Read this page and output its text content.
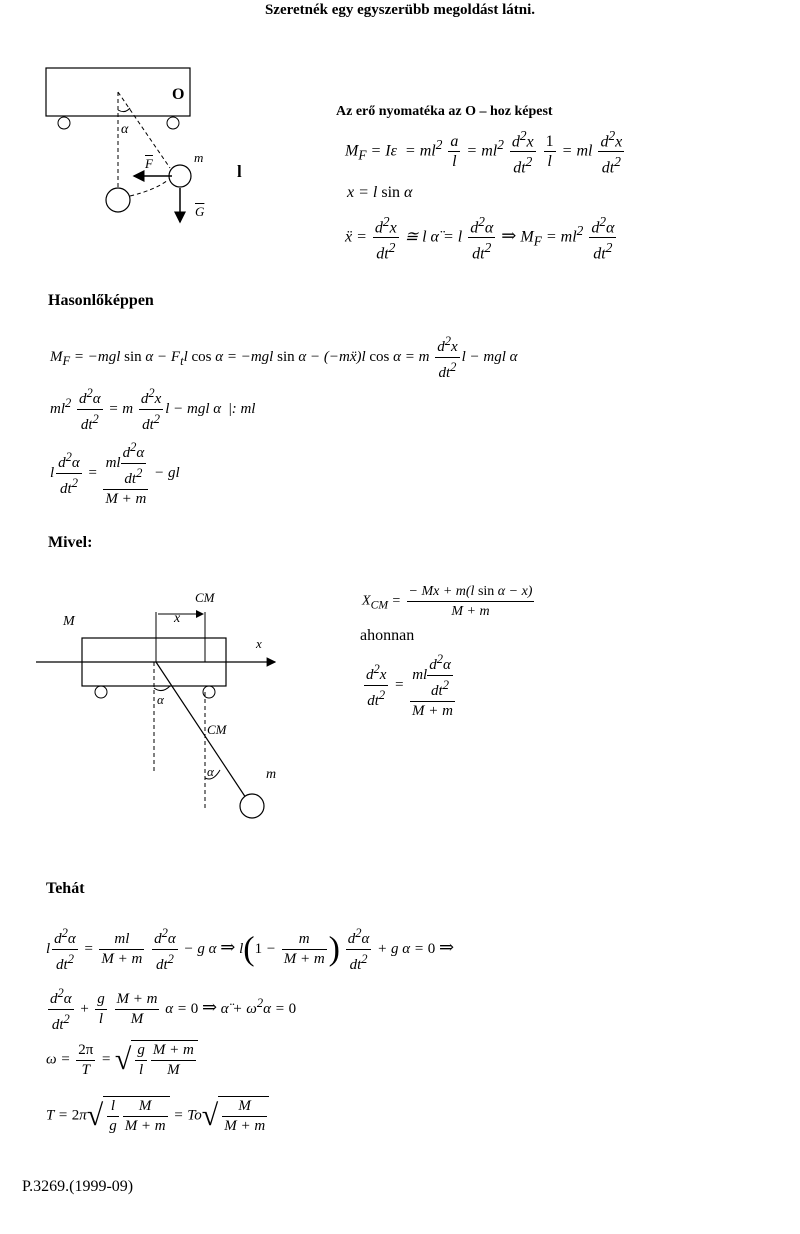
Szeretnék egy egyszerübb megoldást látni.
O
l
m
α
$\overline{F}$
$\overline{G}$
Az erő nyomatéka az O – hoz képest
$M_F = I\varepsilon = ml^2 \frac{a}{l} = ml^2 \frac{d^2x}{dt^2}$
$\frac{1}{l}$ = ml $\frac{d^2x}{dt^2}$
x = l sin α
ẍ = $\frac{d^2x}{dt^2}$ ≅ l α̈ = l $\frac{d^2\alpha}{dt^2}$ ⇒ $M_F = ml^2 \frac{d^2\alpha}{dt^2}$
Hasonlőképpen
$M_F = -mgl$ $\sin \alpha - F_tl$ cos α = −mgl sin α − (−mẍ)l cos α = m $\frac{d^2x}{dt^2}$ l − mgl α
$ml^2 \frac{d^2\alpha}{dt^2} = m \frac{d^2x}{dt^2}$ l − mgl α  |: ml
l $\frac{d^2\alpha}{dt^2} = \frac{ml \frac{d^2\alpha}{dt^2}}{M + m}$ − gl
Mivel:
M
CM
x
x
α
CM
α	m
$X_{CM} = \frac{\text{− Mx + m(l sin α − x)}}{M + m}$
ahonnan
$\frac{d^2x}{dt^2} = \frac{ml \frac{d^2\alpha}{dt^2}}{M + m}$
Tehát
l $\frac{d^2\alpha}{dt^2} = \frac{ml}{M + m}$
$\frac{d^2\alpha}{dt^2} - g$ α ⇒ $l(1 - \frac{m}{M + m}$ ) $\frac{d^2\alpha}{dt^2} + g$ α = 0 ⇒
$\frac{d^2\alpha}{dt^2} + \frac{g}{l}$
$\frac{M + m}{M}$ α = 0 ⇒ α̈ + $\omega^2\alpha = 0$
$\omega = \frac{2\pi}{T}$ = √ $\frac{g}{l} \frac{M + m}{M}$
$T = 2\pi√ \frac{l}{g} \frac{M}{M + m} = To√ \frac{M}{M + m}$
P.3269.(1999-09)
